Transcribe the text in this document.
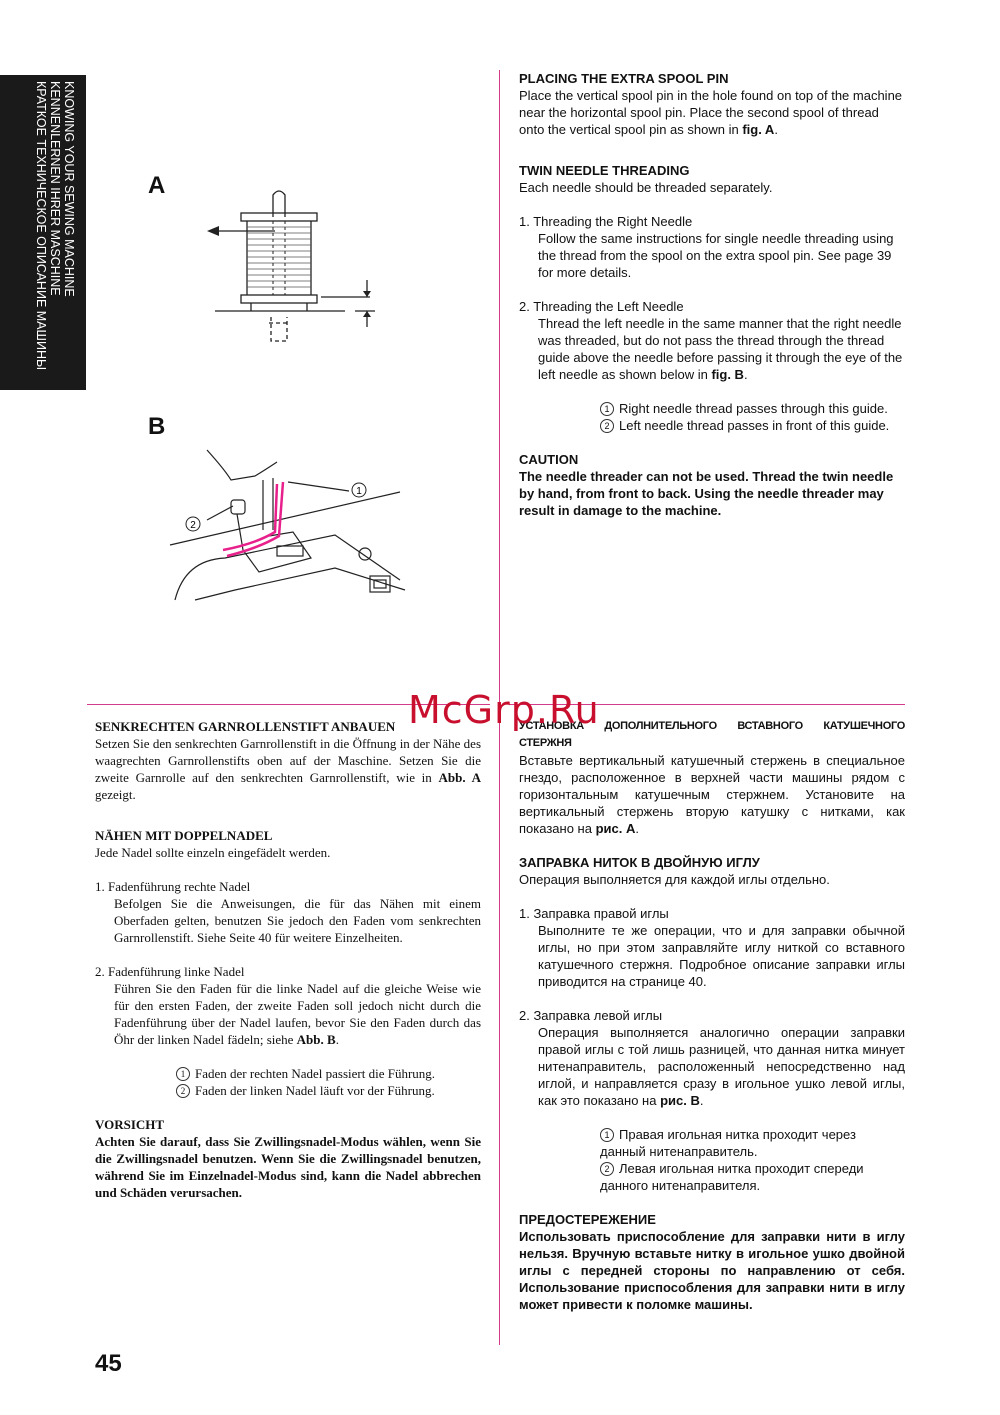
KNOWING YOUR SEWING MACHINE
KENNENLERNEN IHRER MASCHINE
КРАТКОЕ ТЕХНИЧЕСКОЕ ОПИСАНИЕ МАШИНЫ	A
B
1
2

PLACING THE EXTRA SPOOL PIN

Place the vertical spool pin in the hole found on top of the machine near the horizontal spool pin. Place the second spool of thread onto the vertical spool pin as shown in fig. A.

TWIN NEEDLE THREADING

Each needle should be threaded separately.

1. Threading the Right Needle

Follow the same instructions for single needle threading using the thread from the spool on the extra spool pin. See page 39 for more details.

2. Threading the Left Needle

Thread the left needle in the same manner that the right needle was threaded, but do not pass the thread through the thread guide above the needle before passing it through the eye of the left needle as shown below in fig. B.

1 Right needle thread passes through this guide.

2 Left needle thread passes in front of this guide.

CAUTION

The needle threader can not be used. Thread the twin needle by hand, from front to back. Using the needle threader may result in damage to the machine.

SENKRECHTEN GARNROLLENSTIFT ANBAUEN

Setzen Sie den senkrechten Garnrollenstift in die Öffnung in der Nähe des waagrechten Garnrollenstifts oben auf der Maschine. Setzen Sie die zweite Garnrolle auf den senkrechten Garnrollenstift, wie in Abb. A gezeigt.

NÄHEN MIT DOPPELNADEL

Jede Nadel sollte einzeln eingefädelt werden.

1. Fadenführung rechte Nadel

Befolgen Sie die Anweisungen, die für das Nähen mit einem Oberfaden gelten, benutzen Sie jedoch den Faden vom senkrechten Garnrollenstift. Siehe Seite 40 für weitere Einzelheiten.

2. Fadenführung linke Nadel

Führen Sie den Faden für die linke Nadel auf die gleiche Weise wie für den ersten Faden, der zweite Faden soll jedoch nicht durch die Fadenführung über der Nadel laufen, bevor Sie den Faden durch das Öhr der linken Nadel fädeln; siehe Abb. B.

1 Faden der rechten Nadel passiert die Führung.

2 Faden der linken Nadel läuft vor der Führung.

VORSICHT

Achten Sie darauf, dass Sie Zwillingsnadel-Modus wählen, wenn Sie die Zwillingsnadel benutzen. Wenn Sie die Zwillingsnadel benutzen, während Sie im Einzelnadel-Modus sind, kann die Nadel abbrechen und Schäden verursachen.

УСТАНОВКА ДОПОЛНИТЕЛЬНОГО ВСТАВНОГО КАТУШЕЧНОГО СТЕРЖНЯ

Вставьте вертикальный катушечный стержень в специальное гнездо, расположенное в верхней части машины рядом с горизонтальным катушечным стержнем. Установите на вертикальный стержень вторую катушку с нитками, как показано на рис. А.

ЗАПРАВКА НИТОК В ДВОЙНУЮ ИГЛУ

Операция выполняется для каждой иглы отдельно.

1. Заправка правой иглы

Выполните те же операции, что и для заправки обычной иглы, но при этом заправляйте иглу ниткой со вставного катушечного стержня. Подробное описание заправки иглы приводится на странице 40.

2. Заправка левой иглы

Операция выполняется аналогично операции заправки правой иглы с той лишь разницей, что данная нитка минует нитенаправитель, расположенный непосредственно над иглой, и направляется сразу в игольное ушко левой иглы, как это показано на рис. В.

1 Правая игольная нитка проходит через данный нитенаправитель.

2 Левая игольная нитка проходит спереди данного нитенаправителя.

ПРЕДОСТЕРЕЖЕНИЕ

Использовать приспособление для заправки нити в иглу нельзя. Вручную вставьте нитку в игольное ушко двойной иглы с передней стороны по направлению от себя. Использование приспособления для заправки нити в иглу может привести к поломке машины.

McGrp.Ru
45
